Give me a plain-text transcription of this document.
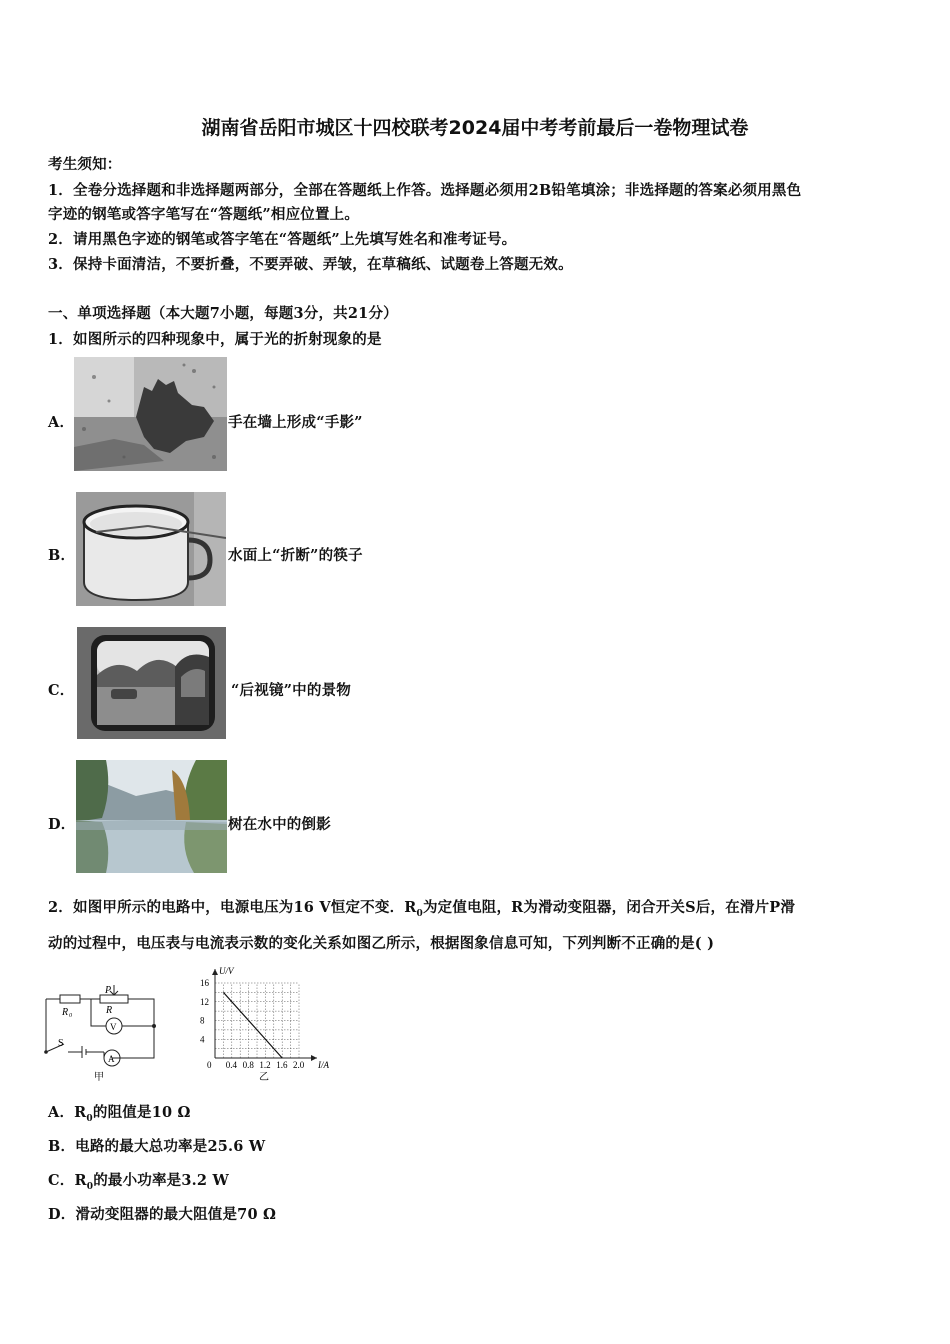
湖南省岳阳市城区十四校联考2024届中考考前最后一卷物理试卷
考生须知：
1．全卷分选择题和非选择题两部分，全部在答题纸上作答。选择题必须用2B铅笔填涂；非选择题的答案必须用黑色
字迹的钢笔或答字笔写在“答题纸”相应位置上。
2．请用黑色字迹的钢笔或答字笔在“答题纸”上先填写姓名和准考证号。
3．保持卡面清洁，不要折叠，不要弄破、弄皱，在草稿纸、试题卷上答题无效。
一、单项选择题（本大题7小题，每题3分，共21分）
1．如图所示的四种现象中，属于光的折射现象的是
A．	手在墙上形成“手影”
B．	水面上“折断”的筷子
C．	“后视镜”中的景物
D．	树在水中的倒影
2．如图甲所示的电路中，电源电压为16 V恒定不变．$R_0$为定值电阻，R为滑动变阻器，闭合开关S后，在滑片P滑
动的过程中，电压表与电流表示数的变化关系如图乙所示，根据图象信息可知，下列判断不正确的是( )
P
R
R 0
V
A
S
甲
U/V
I/A
0 0.4 0.8 1.2 1.6 2.0
4
8
12
16
乙
A．$R_0$的阻值是10 Ω
B．电路的最大总功率是25.6 W
C．$R_0$的最小功率是3.2 W
D．滑动变阻器的最大阻值是70 Ω
